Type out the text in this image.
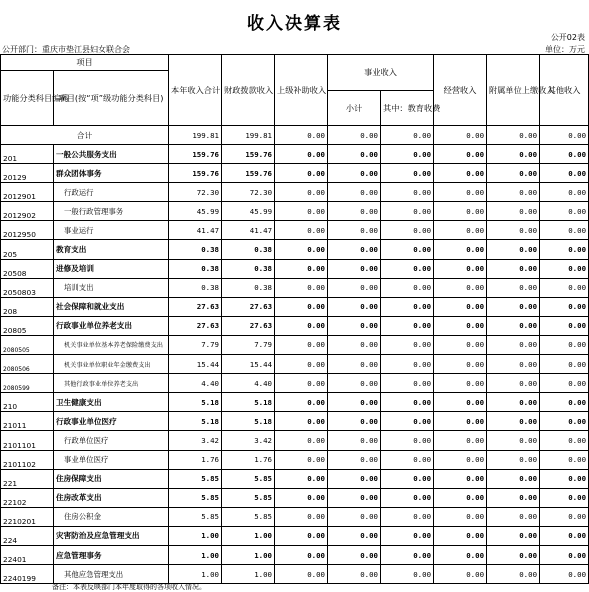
收入决算表
公开02表
公开部门：重庆市垫江县妇女联合会	单位：万元
项目		本年收入合计	财政拨款收入	上级补助收入	事业收入		经营收入	附属单位上缴收入	其他收入
功能分类科目编码	项目(按“项”级功能分类科目)								
					小计	其中：教育收费			
合计		199.81	199.81	0.00	0.00	0.00	0.00	0.00	0.00
201	一般公共服务支出	159.76	159.76	0.00	0.00	0.00	0.00	0.00	0.00
20129	群众团体事务	159.76	159.76	0.00	0.00	0.00	0.00	0.00	0.00
2012901	行政运行	72.30	72.30	0.00	0.00	0.00	0.00	0.00	0.00
2012902	一般行政管理事务	45.99	45.99	0.00	0.00	0.00	0.00	0.00	0.00
2012950	事业运行	41.47	41.47	0.00	0.00	0.00	0.00	0.00	0.00
205	教育支出	0.38	0.38	0.00	0.00	0.00	0.00	0.00	0.00
20508	进修及培训	0.38	0.38	0.00	0.00	0.00	0.00	0.00	0.00
2050803	培训支出	0.38	0.38	0.00	0.00	0.00	0.00	0.00	0.00
208	社会保障和就业支出	27.63	27.63	0.00	0.00	0.00	0.00	0.00	0.00
20805	行政事业单位养老支出	27.63	27.63	0.00	0.00	0.00	0.00	0.00	0.00
2080505	机关事业单位基本养老保险缴费支出	7.79	7.79	0.00	0.00	0.00	0.00	0.00	0.00
2080506	机关事业单位职业年金缴费支出	15.44	15.44	0.00	0.00	0.00	0.00	0.00	0.00
2080599	其他行政事业单位养老支出	4.40	4.40	0.00	0.00	0.00	0.00	0.00	0.00
210	卫生健康支出	5.18	5.18	0.00	0.00	0.00	0.00	0.00	0.00
21011	行政事业单位医疗	5.18	5.18	0.00	0.00	0.00	0.00	0.00	0.00
2101101	行政单位医疗	3.42	3.42	0.00	0.00	0.00	0.00	0.00	0.00
2101102	事业单位医疗	1.76	1.76	0.00	0.00	0.00	0.00	0.00	0.00
221	住房保障支出	5.85	5.85	0.00	0.00	0.00	0.00	0.00	0.00
22102	住房改革支出	5.85	5.85	0.00	0.00	0.00	0.00	0.00	0.00
2210201	住房公积金	5.85	5.85	0.00	0.00	0.00	0.00	0.00	0.00
224	灾害防治及应急管理支出	1.00	1.00	0.00	0.00	0.00	0.00	0.00	0.00
22401	应急管理事务	1.00	1.00	0.00	0.00	0.00	0.00	0.00	0.00
2240199	其他应急管理支出	1.00	1.00	0.00	0.00	0.00	0.00	0.00	0.00
备注：本表反映部门本年度取得的各项收入情况。
